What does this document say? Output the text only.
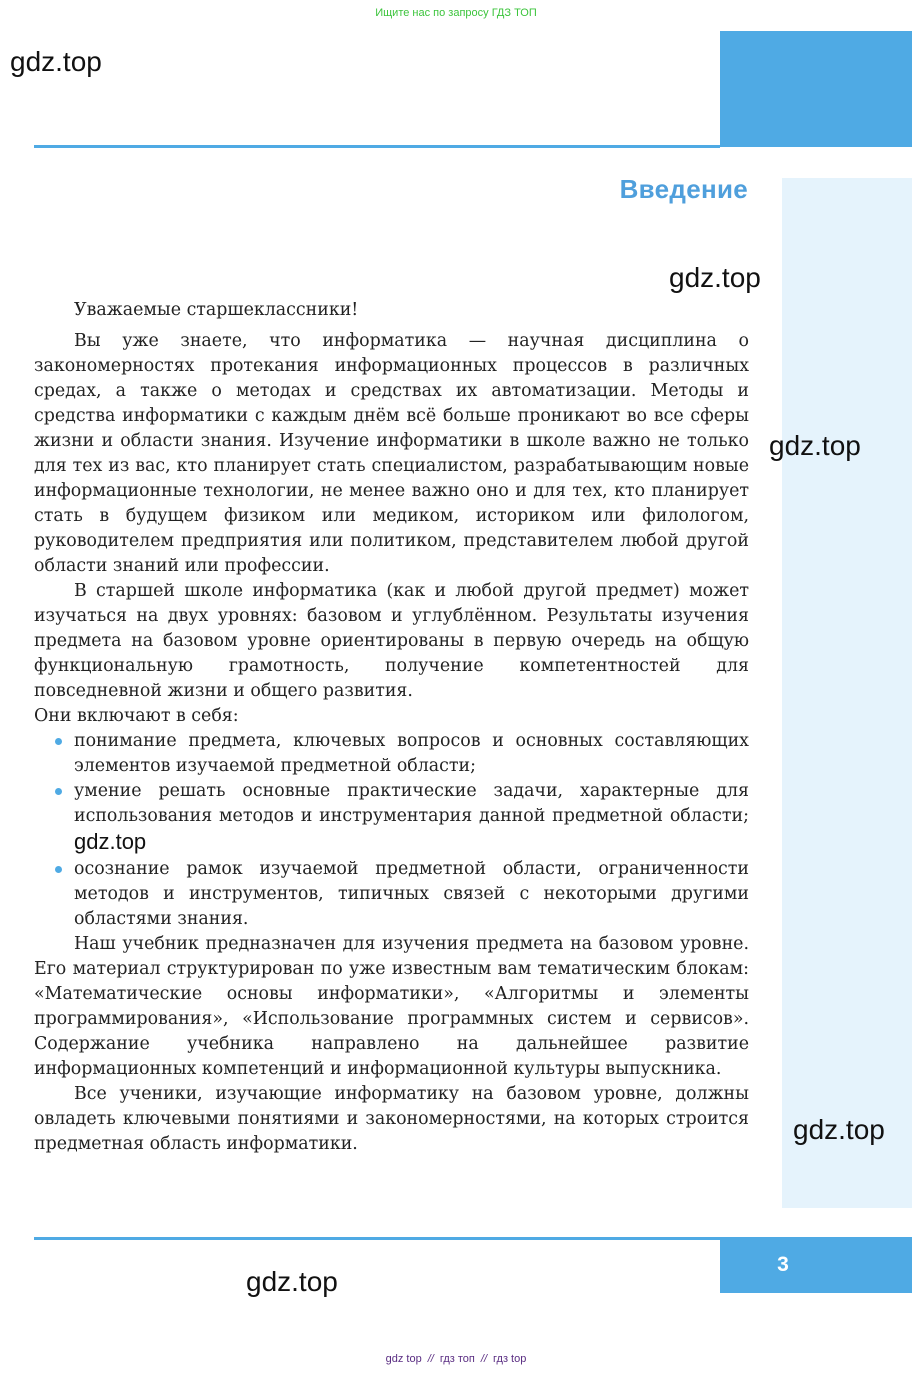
Ищите нас по запросу ГДЗ ТОП
Введение
gdz.top
gdz.top
gdz.top
gdz.top
gdz.top

Уважаемые старшеклассники!

Вы уже знаете, что информатика — научная дисциплина о закономерностях протекания информационных процессов в различных средах, а также о методах и средствах их автоматизации. Методы и средства информатики с каждым днём всё больше проникают во все сферы жизни и области знания. Изучение информатики в школе важно не только для тех из вас, кто планирует стать специалистом, разрабатывающим новые информационные технологии, не менее важно оно и для тех, кто планирует стать в будущем физиком или медиком, историком или филологом, руководителем предприятия или политиком, представителем любой другой области знаний или профессии.

В старшей школе информатика (как и любой другой предмет) может изучаться на двух уровнях: базовом и углублённом. Результаты изучения предмета на базовом уровне ориентированы в первую очередь на общую функциональную грамотность, получение компетентностей для повседневной жизни и общего развития.

Они включают в себя:

понимание предмета, ключевых вопросов и основных составляющих элементов изучаемой предметной области;
умение решать основные практические задачи, характерные для использования методов и инструментария данной предметной области; gdz.top
осознание рамок изучаемой предметной области, ограниченности методов и инструментов, типичных связей с некоторыми другими областями знания.

Наш учебник предназначен для изучения предмета на базовом уровне. Его материал структурирован по уже известным вам тематическим блокам: «Математические основы информатики», «Алгоритмы и элементы программирования», «Использование программных систем и сервисов». Содержание учебника направлено на дальнейшее развитие информационных компетенций и информационной культуры выпускника.

Все ученики, изучающие информатику на базовом уровне, должны овладеть ключевыми понятиями и закономерностями, на которых строится предметная область информатики.

3
gdz top // гдз топ // гдз top
